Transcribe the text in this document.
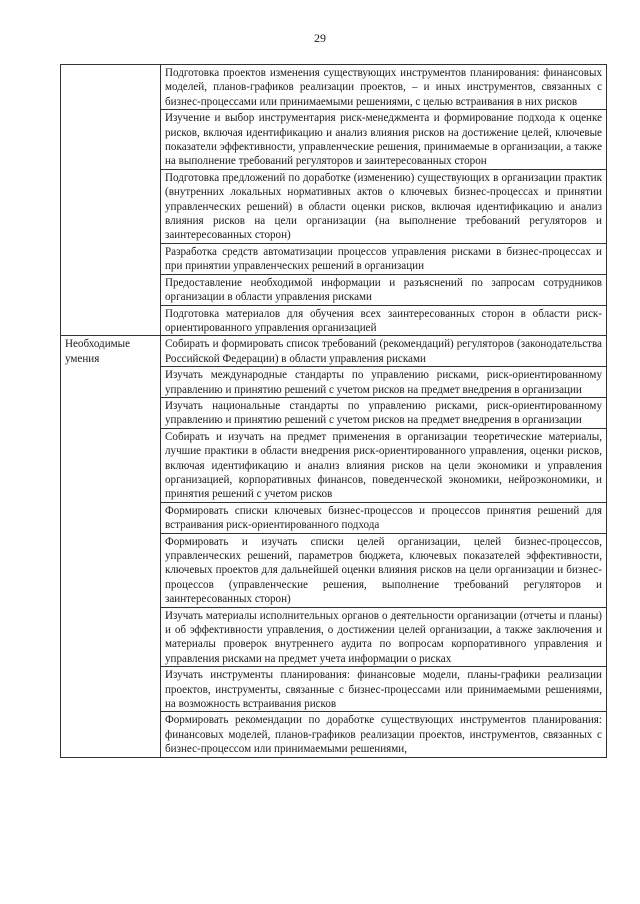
29
	Подготовка проектов изменения существующих инструментов планирования: финансовых моделей, планов-графиков реализации проектов, – и иных инструментов, связанных с бизнес-процессами или принимаемыми решениями, с целью встраивания в них рисков
	Изучение и выбор инструментария риск-менеджмента и формирование подхода к оценке рисков, включая идентификацию и анализ влияния рисков на достижение целей, ключевые показатели эффективности, управленческие решения, принимаемые в организации, а также на выполнение требований регуляторов и заинтересованных сторон
	Подготовка предложений по доработке (изменению) существующих в организации практик (внутренних локальных нормативных актов о ключевых бизнес-процессах и принятии управленческих решений) в области оценки рисков, включая идентификацию и анализ влияния рисков на цели организации (на выполнение требований регуляторов и заинтересованных сторон)
	Разработка средств автоматизации процессов управления рисками в бизнес-процессах и при принятии управленческих решений в организации
	Предоставление необходимой информации и разъяснений по запросам сотрудников организации в области управления рисками
	Подготовка материалов для обучения всех заинтересованных сторон в области риск-ориентированного управления организацией
Необходимые умения	Собирать и формировать список требований (рекомендаций) регуляторов (законодательства Российской Федерации) в области управления рисками
	Изучать международные стандарты по управлению рисками, риск-ориентированному управлению и принятию решений с учетом рисков на предмет внедрения в организации
	Изучать национальные стандарты по управлению рисками, риск-ориентированному управлению и принятию решений с учетом рисков на предмет внедрения в организации
	Собирать и изучать на предмет применения в организации теоретические материалы, лучшие практики в области внедрения риск-ориентированного управления, оценки рисков, включая идентификацию и анализ влияния рисков на цели экономики и управления организацией, корпоративных финансов, поведенческой экономики, нейроэкономики, и принятия решений с учетом рисков
	Формировать списки ключевых бизнес-процессов и процессов принятия решений для встраивания риск-ориентированного подхода
	Формировать и изучать списки целей организации, целей бизнес-процессов, управленческих решений, параметров бюджета, ключевых показателей эффективности, ключевых проектов для дальнейшей оценки влияния рисков на цели организации и бизнес-процессов (управленческие решения, выполнение требований регуляторов и заинтересованных сторон)
	Изучать материалы исполнительных органов о деятельности организации (отчеты и планы) и об эффективности управления, о достижении целей организации, а также заключения и материалы проверок внутреннего аудита по вопросам корпоративного управления и управления рисками на предмет учета информации о рисках
	Изучать инструменты планирования: финансовые модели, планы-графики реализации проектов, инструменты, связанные с бизнес-процессами или принимаемыми решениями, на возможность встраивания рисков
	Формировать рекомендации по доработке существующих инструментов планирования: финансовых моделей, планов-графиков реализации проектов, инструментов, связанных с бизнес-процессом или принимаемыми решениями,
